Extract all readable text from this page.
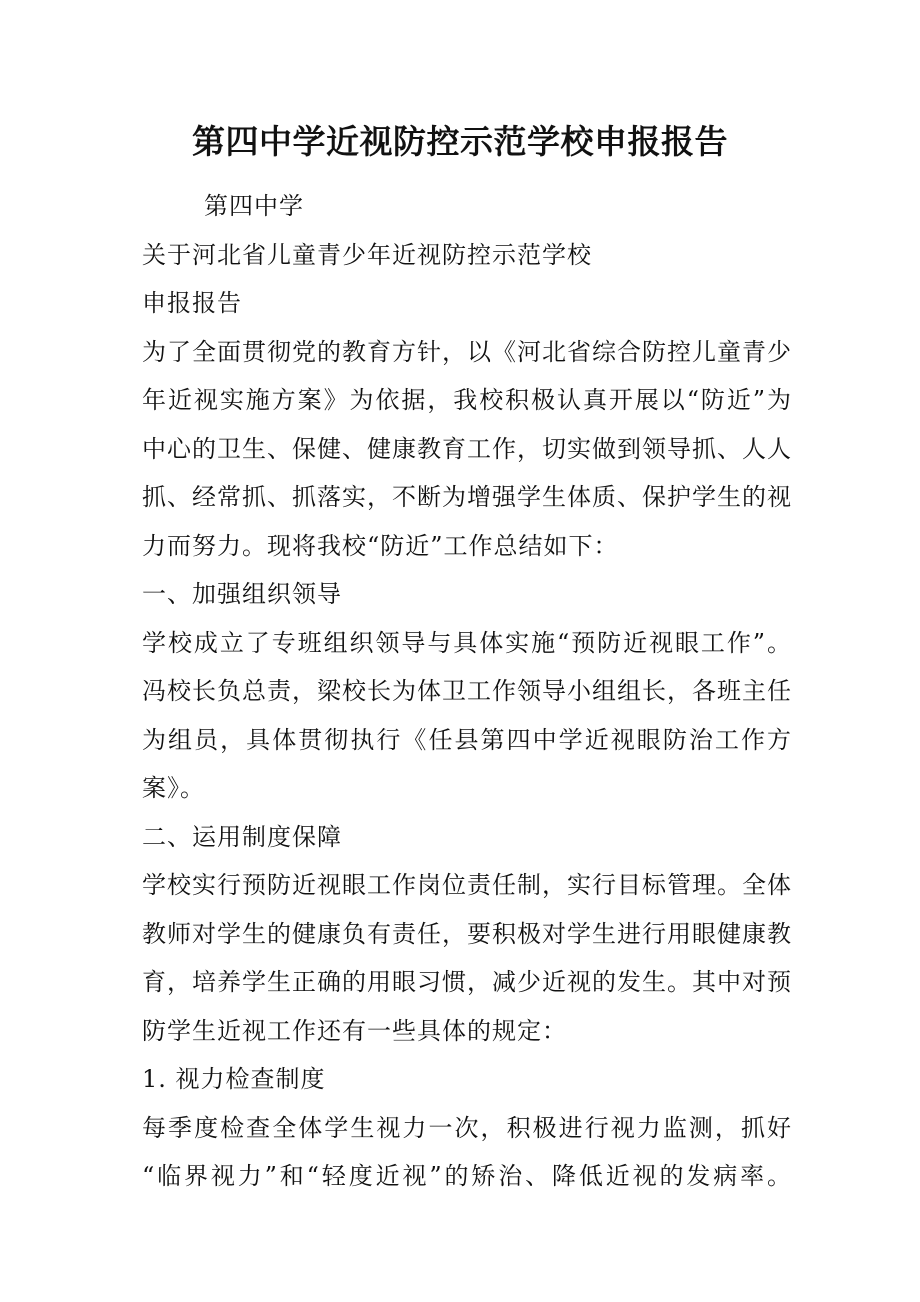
第四中学近视防控示范学校申报报告

第四中学

关于河北省儿童青少年近视防控示范学校

申报报告

为了全面贯彻党的教育方针，以《河北省综合防控儿童青少

年近视实施方案》为依据，我校积极认真开展以“防近”为

中心的卫生、保健、健康教育工作，切实做到领导抓、人人

抓、经常抓、抓落实，不断为增强学生体质、保护学生的视

力而努力。现将我校“防近”工作总结如下：

一、加强组织领导

学校成立了专班组织领导与具体实施“预防近视眼工作”。

冯校长负总责，梁校长为体卫工作领导小组组长，各班主任

为组员，具体贯彻执行《任县第四中学近视眼防治工作方

案》。

二、运用制度保障

学校实行预防近视眼工作岗位责任制，实行目标管理。全体

教师对学生的健康负有责任，要积极对学生进行用眼健康教

育，培养学生正确的用眼习惯，减少近视的发生。其中对预

防学生近视工作还有一些具体的规定：

1. 视力检查制度

每季度检查全体学生视力一次，积极进行视力监测，抓好

“临界视力”和“轻度近视”的矫治、降低近视的发病率。
